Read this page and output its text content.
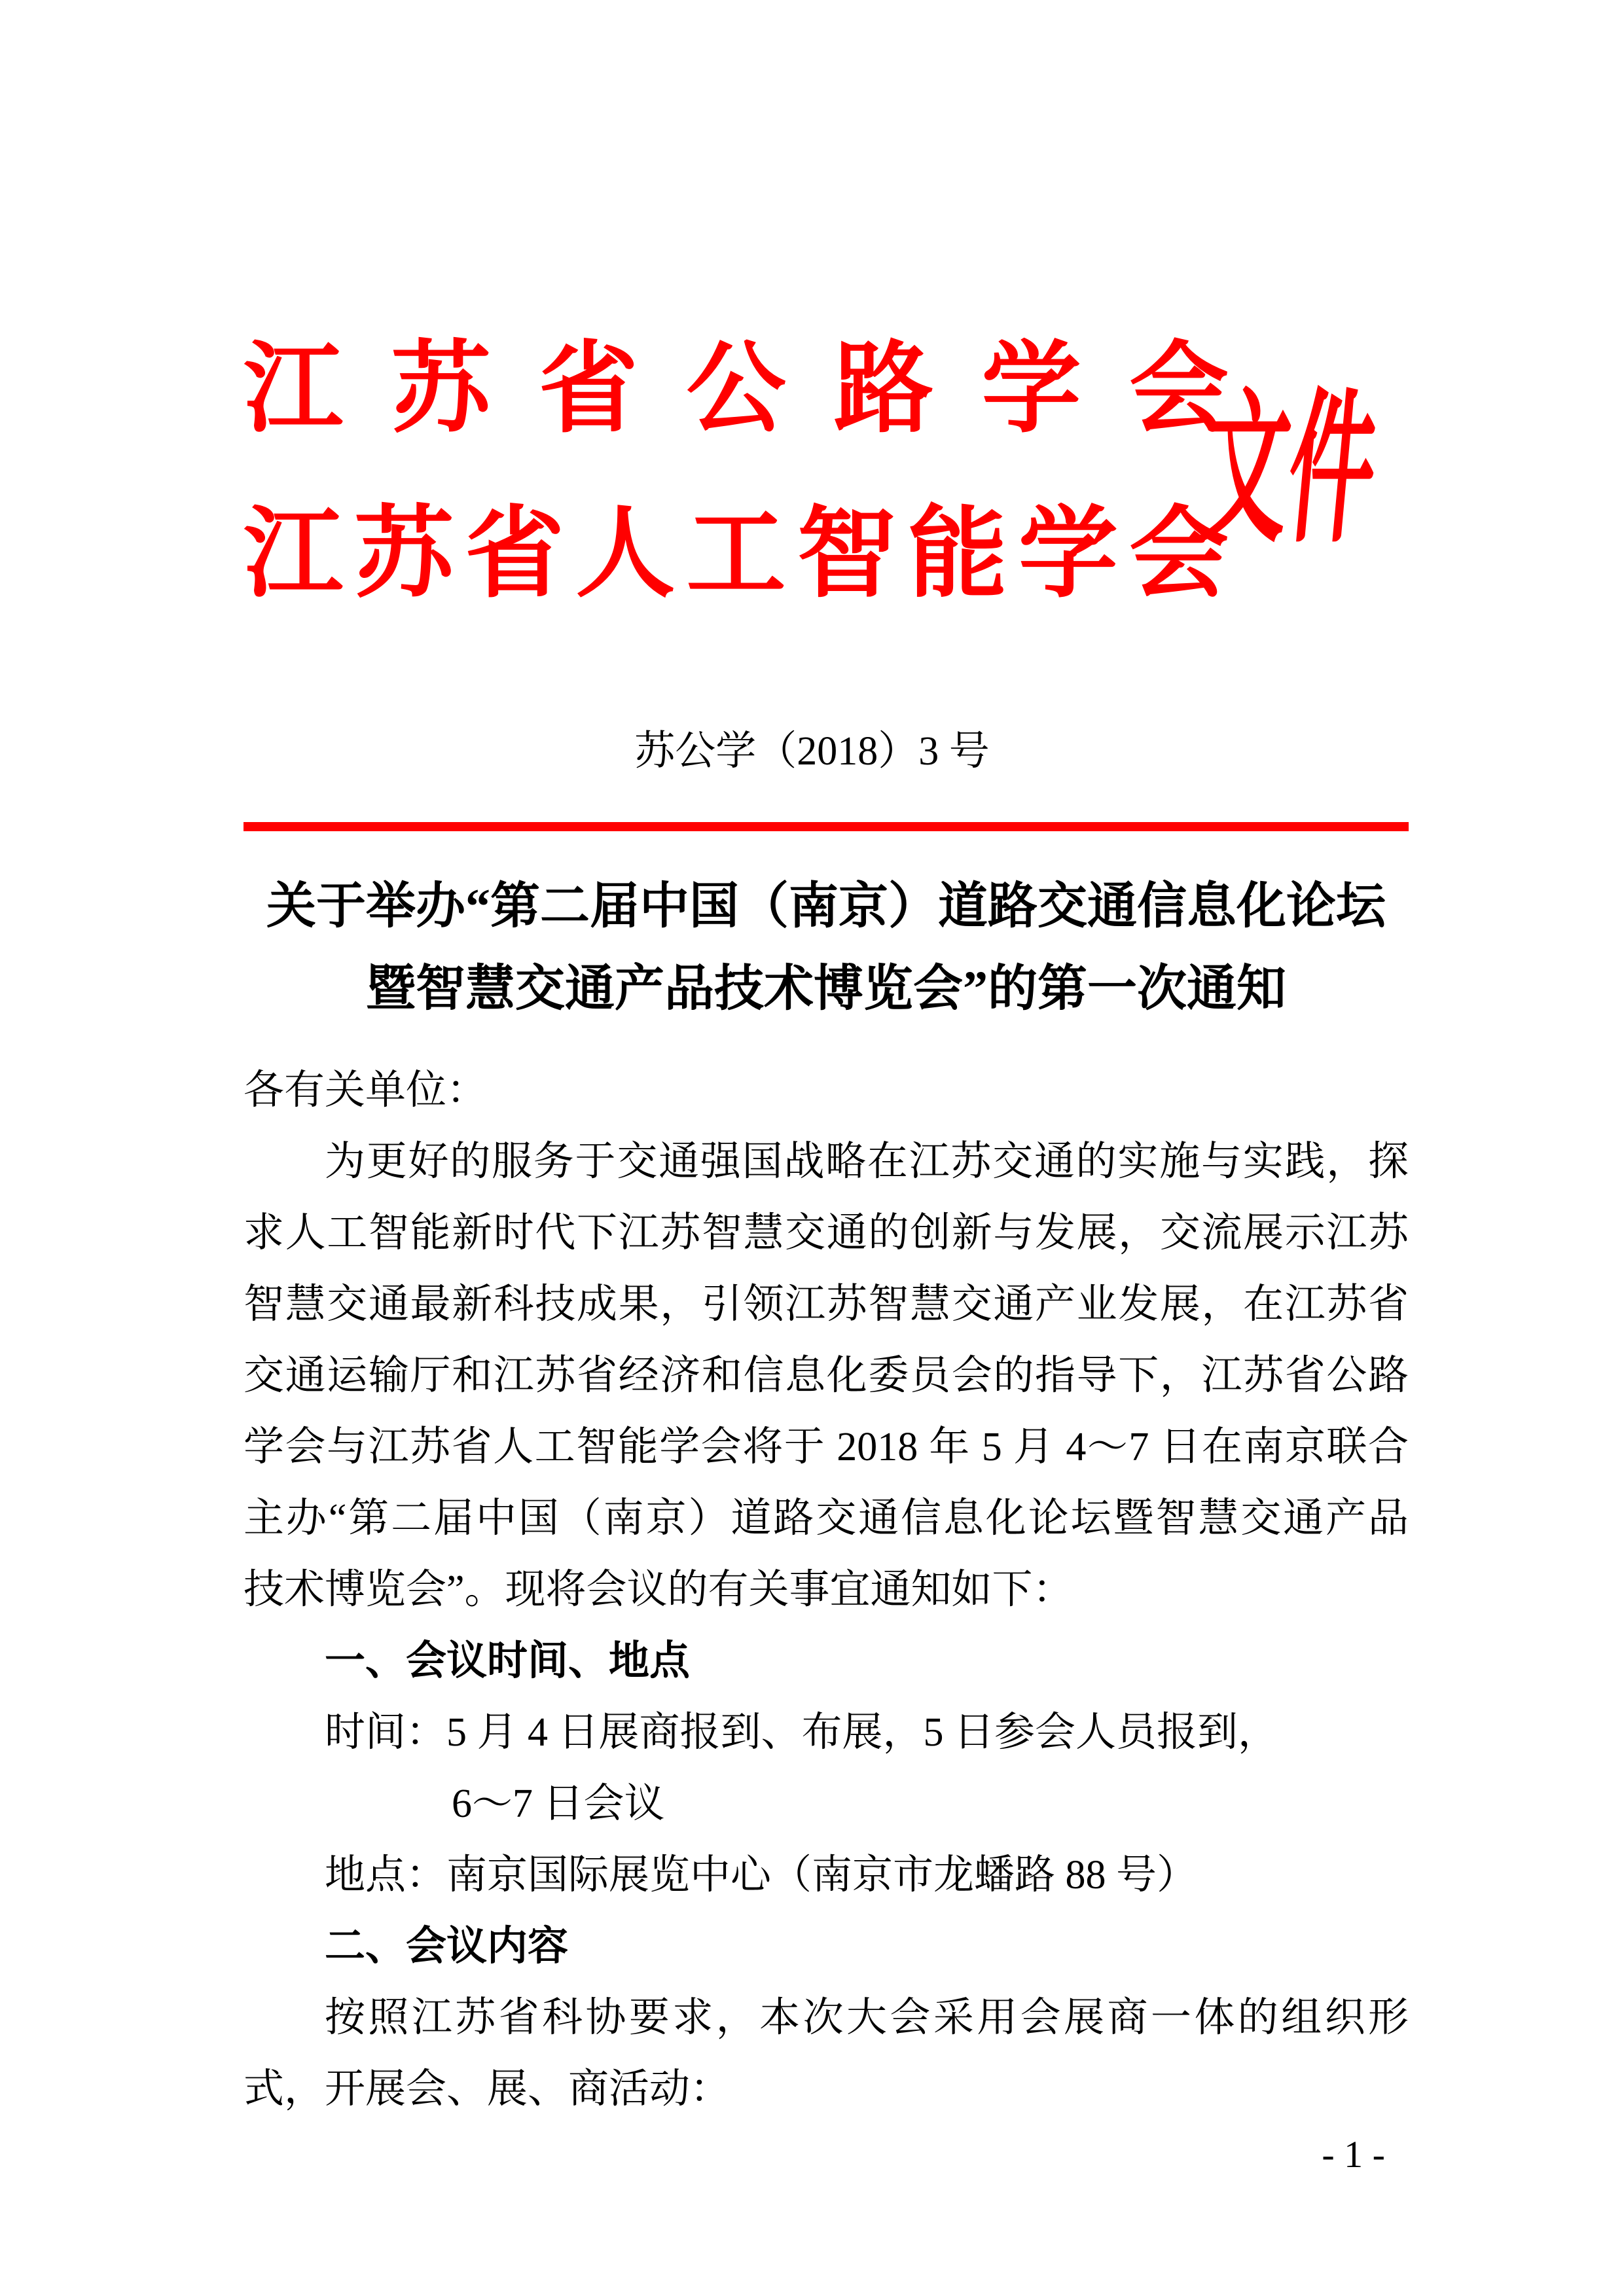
江苏省公路学会
江苏省人工智能学会
文件
苏公学（2018）3 号
关于举办“第二届中国（南京）道路交通信息化论坛
暨智慧交通产品技术博览会”的第一次通知
各有关单位：
为更好的服务于交通强国战略在江苏交通的实施与实践，探
求人工智能新时代下江苏智慧交通的创新与发展，交流展示江苏
智慧交通最新科技成果，引领江苏智慧交通产业发展，在江苏省
交通运输厅和江苏省经济和信息化委员会的指导下，江苏省公路
学会与江苏省人工智能学会将于 2018 年 5 月 4～7 日在南京联合
主办“第二届中国（南京）道路交通信息化论坛暨智慧交通产品
技术博览会”。现将会议的有关事宜通知如下：
一、会议时间、地点
时间：5 月 4 日展商报到、布展，5 日参会人员报到，
6～7 日会议
地点：南京国际展览中心（南京市龙蟠路 88 号）
二、会议内容
按照江苏省科协要求，本次大会采用会展商一体的组织形
式，开展会、展、商活动：
- 1 -
